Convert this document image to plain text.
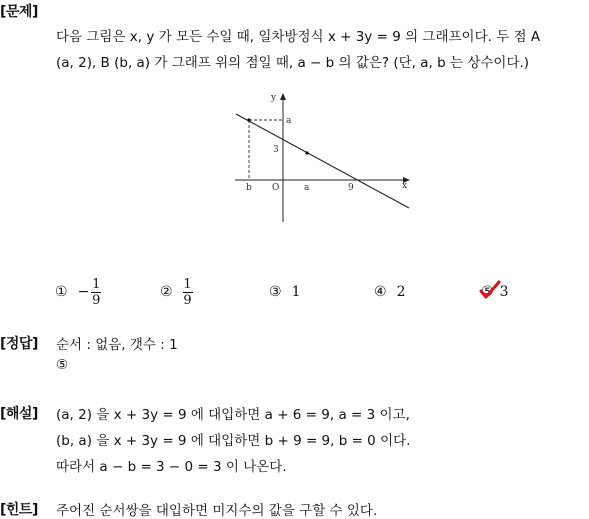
[문제]
다음 그림은 x, y 가 모든 수일 때, 일차방정식 x + 3y = 9 의 그래프이다. 두 점 A
(a, 2), B (b, a) 가 그래프 위의 점일 때, a − b 의 값은? (단, a, b 는 상수이다.)
y
x
O
a
3
b	a	9
① − $\frac{1}{9}$	② $\frac{1}{9}$	③ 1	④ 2	⑤ 3
[정답] 순서 : 없음, 갯수 : 1
⑤
[해설] (a, 2) 을 x + 3y = 9 에 대입하면 a + 6 = 9, a = 3 이고,
(b, a) 을 x + 3y = 9 에 대입하면 b + 9 = 9, b = 0 이다.
따라서 a − b = 3 − 0 = 3 이 나온다.
[힌트] 주어진 순서쌍을 대입하면 미지수의 값을 구할 수 있다.
